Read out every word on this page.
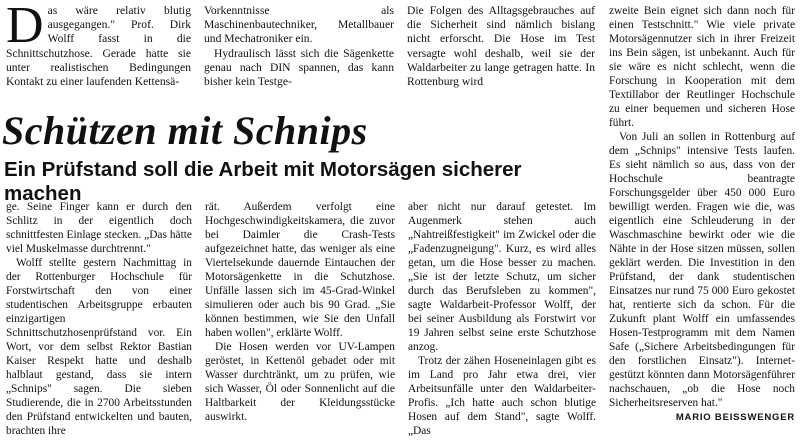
D as wäre relativ blutig ausgegangen." Prof. Dirk Wolff fasst in die Schnittschutzhose. Gerade hatte sie unter realistischen Bedingungen Kontakt zu einer laufenden Kettensä-

Vorkenntnisse als Maschinenbautechniker, Metallbauer und Mechatroniker ein.

Hydraulisch lässt sich die Sägenkette genau nach DIN spannen, das kann bisher kein Testge-

Die Folgen des Alltagsgebrauches auf die Sicherheit sind nämlich bislang nicht erforscht. Die Hose im Test versagte wohl deshalb, weil sie der Waldarbeiter zu lange getragen hatte. In Rottenburg wird

Schützen mit Schnips
Ein Prüfstand soll die Arbeit mit Motorsägen sicherer machen

zweite Bein eignet sich dann noch für einen Testschnitt." Wie viele private Motorsägennutzer sich in ihrer Freizeit ins Bein sägen, ist unbekannt. Auch für sie wäre es nicht schlecht, wenn die Forschung in Kooperation mit dem Textillabor der Reutlinger Hochschule zu einer bequemen und sicheren Hose führt.

Von Juli an sollen in Rottenburg auf dem „Schnips" intensive Tests laufen. Es sieht nämlich so aus, dass von der Hochschule beantragte Forschungsgelder über 450 000 Euro bewilligt werden. Fragen wie die, was eigentlich eine Schleuderung in der Waschmaschine bewirkt oder wie die Nähte in der Hose sitzen müssen, sollen geklärt werden. Die Investition in den Prüfstand, der dank studentischen Einsatzes nur rund 75 000 Euro gekostet hat, rentierte sich da schon. Für die Zukunft plant Wolff ein umfassendes Hosen-Testprogramm mit dem Namen Safe („Sichere Arbeitsbedingungen für den forstlichen Einsatz"). Internet-gestützt könnten dann Motorsägenführer nachschauen, „ob die Hose noch Sicherheitsreserven hat."

MARIO BEISSWENGER

ge. Seine Finger kann er durch den Schlitz in der eigentlich doch schnittfesten Einlage stecken. „Das hätte viel Muskelmasse durchtrennt."

Wolff stellte gestern Nachmittag in der Rottenburger Hochschule für Forstwirtschaft den von einer studentischen Arbeitsgruppe erbauten einzigartigen Schnittschutzhosenprüfstand vor. Ein Wort, vor dem selbst Rektor Bastian Kaiser Respekt hatte und deshalb halblaut gestand, dass sie intern „Schnips" sagen. Die sieben Studierende, die in 2700 Arbeitsstunden den Prüfstand entwickelten und bauten, brachten ihre

rät. Außerdem verfolgt eine Hochgeschwindigkeitskamera, die zuvor bei Daimler die Crash-Tests aufgezeichnet hatte, das weniger als eine Viertelsekunde dauernde Eintauchen der Motorsägenkette in die Schutzhose. Unfälle lassen sich im 45-Grad-Winkel simulieren oder auch bis 90 Grad. „Sie können bestimmen, wie Sie den Unfall haben wollen", erklärte Wolff.

Die Hosen werden vor UV-Lampen geröstet, in Kettenöl gebadet oder mit Wasser durchtränkt, um zu prüfen, wie sich Wasser, Öl oder Sonnenlicht auf die Haltbarkeit der Kleidungsstücke auswirkt.

aber nicht nur darauf getestet. Im Augenmerk stehen auch „Nahtreißfestigkeit" im Zwickel oder die „Fadenzugneigung". Kurz, es wird alles getan, um die Hose besser zu machen. „Sie ist der letzte Schutz, um sicher durch das Berufsleben zu kommen", sagte Waldarbeit-Professor Wolff, der bei seiner Ausbildung als Forstwirt vor 19 Jahren selbst seine erste Schutzhose anzog.

Trotz der zähen Hoseneinlagen gibt es im Land pro Jahr etwa drei, vier Arbeitsunfälle unter den Waldarbeiter-Profis. „Ich hatte auch schon blutige Hosen auf dem Stand", sagte Wolff. „Das
